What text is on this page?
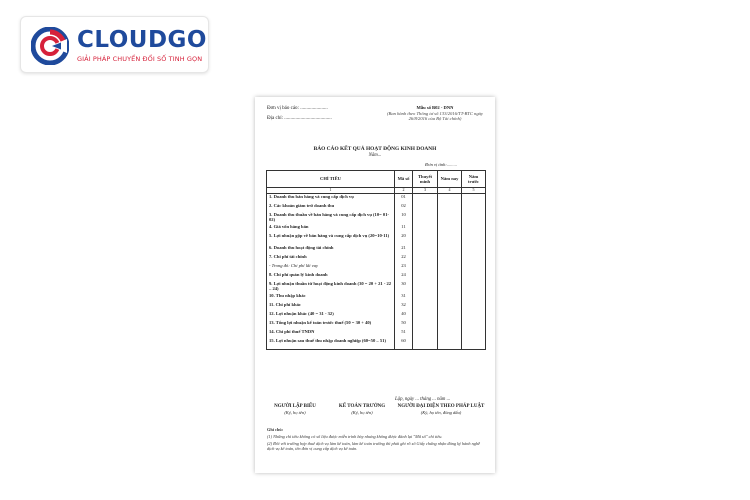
CLOUDGO
GIẢI PHÁP CHUYỂN ĐỔI SỐ TINH GỌN
Đơn vị báo cáo: ......................
Địa chỉ: ......................................
Mẫu số B02 - DNN
(Ban hành theo Thông tư số 133/2016/TT-BTC ngày 26/8/2016 của Bộ Tài chính)
BÁO CÁO KẾT QUẢ HOẠT ĐỘNG KINH DOANH
Năm...
Đơn vị tính:.........
CHỈ TIÊU	Mã số	Thuyết minh	Năm nay	Năm trước
1	2	3	4	5
1. Doanh thu bán hàng và cung cấp dịch vụ	01			
2. Các khoản giảm trừ doanh thu	02			
3. Doanh thu thuần về bán hàng và cung cấp dịch vụ (10= 01-02)	10			
4. Giá vốn hàng bán	11			
5. Lợi nhuận gộp về bán hàng và cung cấp dịch vụ (20=10-11)	20			
6. Doanh thu hoạt động tài chính	21			
7. Chi phí tài chính	22			
- Trong đó: Chi phí lãi vay	23			
8. Chi phí quản lý kinh doanh	24			
9. Lợi nhuận thuần từ hoạt động kinh doanh (30 = 20 + 21 - 22 – 24)	30			
10. Thu nhập khác	31			
11. Chi phí khác	32			
12. Lợi nhuận khác (40 = 31 - 32)	40			
13. Tổng lợi nhuận kế toán trước thuế (50 = 30 + 40)	50			
14. Chi phí thuế TNDN	51			
15. Lợi nhuận sau thuế thu nhập doanh nghiệp (60=50 – 51)	60			
Lập, ngày ... tháng ... năm ...
NGƯỜI LẬP BIỂU
(Ký, họ tên)
KẾ TOÁN TRƯỞNG
(Ký, họ tên)
NGƯỜI ĐẠI DIỆN THEO PHÁP LUẬT
(Ký, họ tên, đóng dấu)
Ghi chú:

(1) Những chỉ tiêu không có số liệu được miễn trình bày nhưng không được đánh lại "Mã số" chỉ tiêu.

(2) Đối với trường hợp thuê dịch vụ làm kế toán, làm kế toán trưởng thì phải ghi rõ số Giấy chứng nhận đăng ký hành nghề dịch vụ kế toán, tên đơn vị cung cấp dịch vụ kế toán.
